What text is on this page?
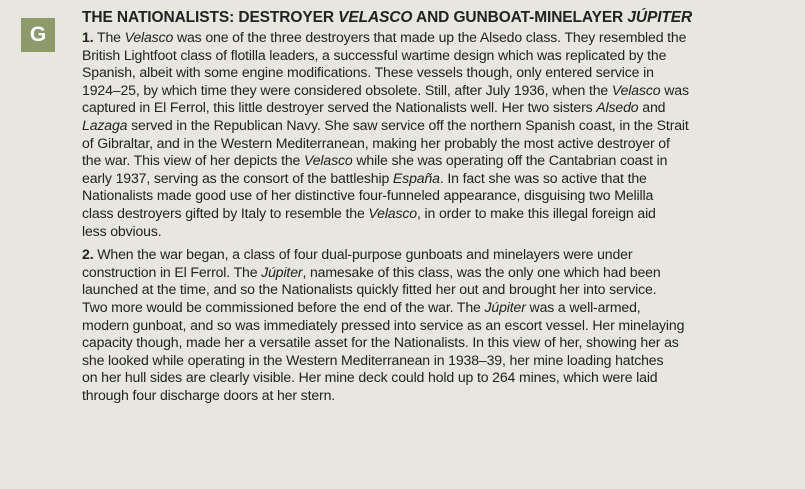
G
THE NATIONALISTS: DESTROYER VELASCO AND GUNBOAT-MINELAYER JÚPITER
1. The Velasco was one of the three destroyers that made up the Alsedo class. They resembled the
British Lightfoot class of flotilla leaders, a successful wartime design which was replicated by the
Spanish, albeit with some engine modifications. These vessels though, only entered service in
1924–25, by which time they were considered obsolete. Still, after July 1936, when the Velasco was
captured in El Ferrol, this little destroyer served the Nationalists well. Her two sisters Alsedo and
Lazaga served in the Republican Navy. She saw service off the northern Spanish coast, in the Strait
of Gibraltar, and in the Western Mediterranean, making her probably the most active destroyer of
the war. This view of her depicts the Velasco while she was operating off the Cantabrian coast in
early 1937, serving as the consort of the battleship España. In fact she was so active that the
Nationalists made good use of her distinctive four-funneled appearance, disguising two Melilla
class destroyers gifted by Italy to resemble the Velasco, in order to make this illegal foreign aid
less obvious.
2. When the war began, a class of four dual-purpose gunboats and minelayers were under
construction in El Ferrol. The Júpiter, namesake of this class, was the only one which had been
launched at the time, and so the Nationalists quickly fitted her out and brought her into service.
Two more would be commissioned before the end of the war. The Júpiter was a well-armed,
modern gunboat, and so was immediately pressed into service as an escort vessel. Her minelaying
capacity though, made her a versatile asset for the Nationalists. In this view of her, showing her as
she looked while operating in the Western Mediterranean in 1938–39, her mine loading hatches
on her hull sides are clearly visible. Her mine deck could hold up to 264 mines, which were laid
through four discharge doors at her stern.
